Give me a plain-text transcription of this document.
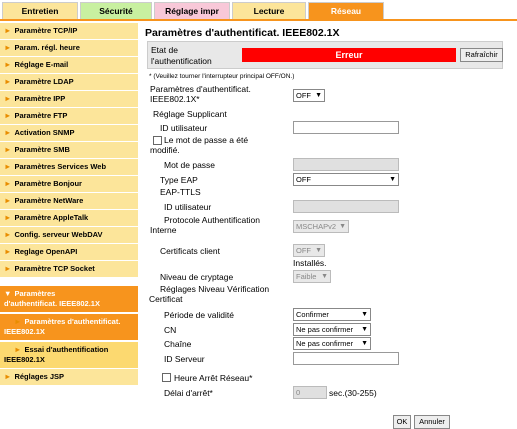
Entretien	Sécurité	Réglage impr	Lecture	Réseau
► Paramètre TCP/IP
► Param. régl. heure
► Réglage E-mail
► Paramètre LDAP
► Paramètre IPP
► Paramètre FTP
► Activation SNMP
► Paramètre SMB
► Paramètres Services Web
► Paramètre Bonjour
► Paramètre NetWare
► Paramètre AppleTalk
► Config. serveur WebDAV
► Reglage OpenAPI
► Paramètre TCP Socket
▼ Paramètres d'authentificat. IEEE802.1X
► Paramètres d'authentificat. IEEE802.1X
► Essai d'authentification IEEE802.1X
► Réglages JSP
Paramètres d'authentificat. IEEE802.1X
Etat de
l'authentification
Erreur	Rafraîchir
* (Veuillez tourner l'interrupteur principal OFF/ON.)
Paramètres d'authentificat.
IEEE802.1X*	OFF ▼
Réglage Supplicant
ID utilisateur
Le mot de passe a été
modifié.
Mot de passe
Type EAP	OFF	▼
EAP-TTLS
ID utilisateur
Protocole Authentification
Interne	MSCHAPv2 ▼
Certificats client	OFF ▼
Installés.
Niveau de cryptage	Faible ▼
Réglages Niveau Vérification
Certificat
Période de validité	Confirmer	▼
CN	Ne pas confirmer ▼
Chaîne	Ne pas confirmer ▼
ID Serveur
Heure Arrêt Réseau*
Délai d'arrêt*	0	sec.(30-255)
OK	Annuler
